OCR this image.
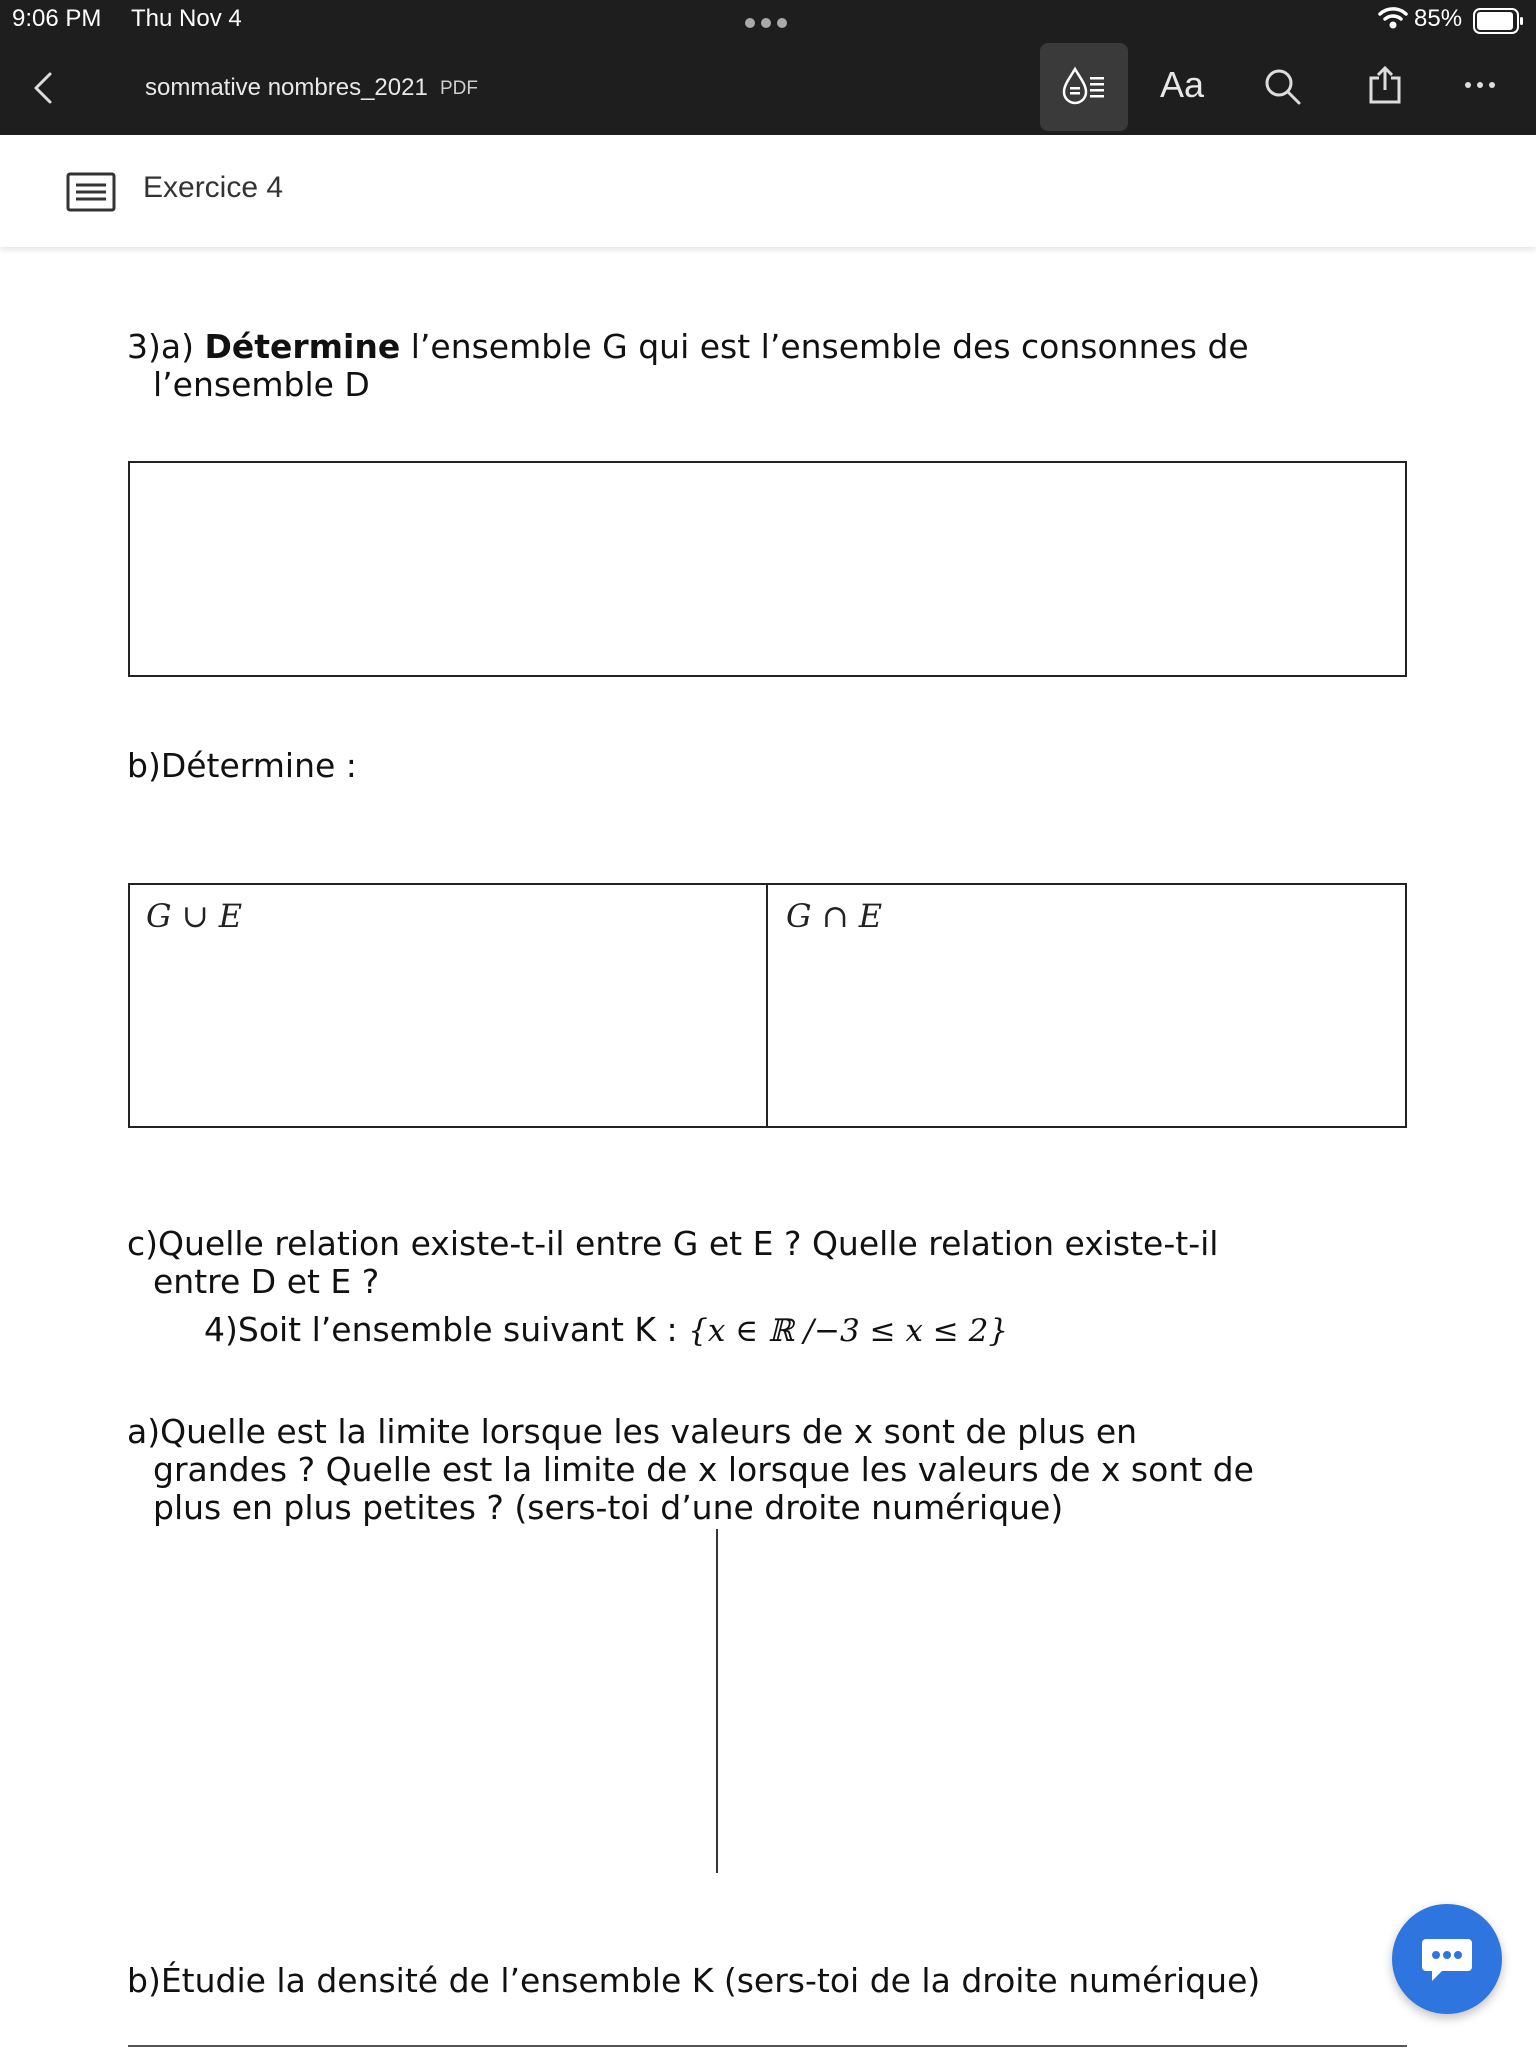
9:06 PM Thu Nov 4	85%
sommative nombres_2021 PDF	Aa
Exercice 4
3)a) Détermine l’ensemble G qui est l’ensemble des consonnes de
l’ensemble D
b)Détermine :
G ∪ E	G ∩ E
c)Quelle relation existe-t-il entre G et E ? Quelle relation existe-t-il
entre D et E ?
4)Soit l’ensemble suivant K : {x ∈ ℝ /−3 ≤ x ≤ 2}
a)Quelle est la limite lorsque les valeurs de x sont de plus en
grandes ? Quelle est la limite de x lorsque les valeurs de x sont de
plus en plus petites ? (sers-toi d’une droite numérique)
b)Étudie la densité de l’ensemble K (sers-toi de la droite numérique)
